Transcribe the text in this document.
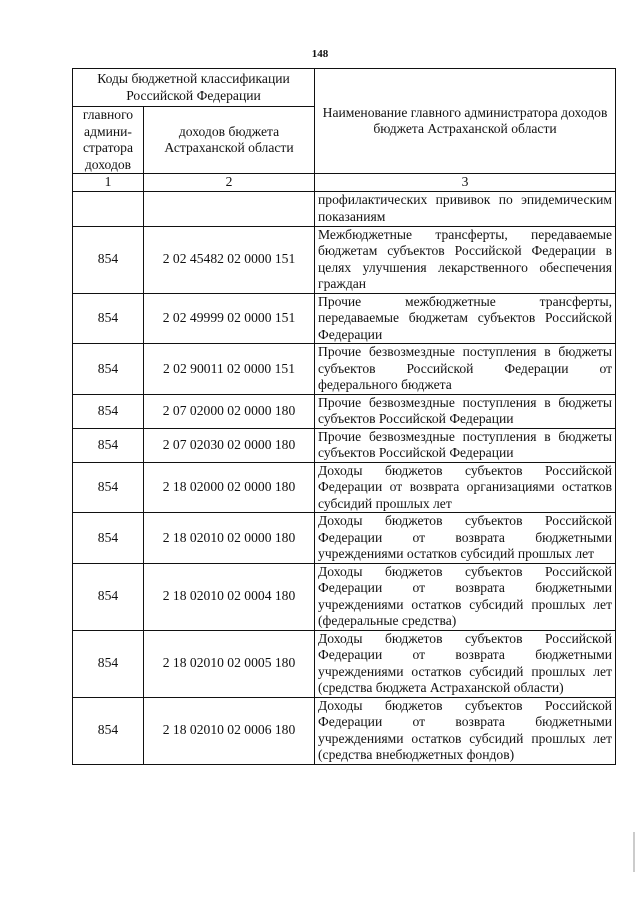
148
Коды бюджетной классификации Российской Федерации		Наименование главного администратора доходов бюджета Астраханской области
главного админи-стратора доходов	доходов бюджета Астраханской области	
1	2	3
		профилактических прививок по эпидемическим показаниям
854	2 02 45482 02 0000 151	Межбюджетные трансферты, передаваемые бюджетам субъектов Российской Федерации в целях улучшения лекарственного обеспечения граждан
854	2 02 49999 02 0000 151	Прочие межбюджетные трансферты, передаваемые бюджетам субъектов Российской Федерации
854	2 02 90011 02 0000 151	Прочие безвозмездные поступления в бюджеты субъектов Российской Федерации от федерального бюджета
854	2 07 02000 02 0000 180	Прочие безвозмездные поступления в бюджеты субъектов Российской Федерации
854	2 07 02030 02 0000 180	Прочие безвозмездные поступления в бюджеты субъектов Российской Федерации
854	2 18 02000 02 0000 180	Доходы бюджетов субъектов Российской Федерации от возврата организациями остатков субсидий прошлых лет
854	2 18 02010 02 0000 180	Доходы бюджетов субъектов Российской Федерации от возврата бюджетными учреждениями остатков субсидий прошлых лет
854	2 18 02010 02 0004 180	Доходы бюджетов субъектов Российской Федерации от возврата бюджетными учреждениями остатков субсидий прошлых лет (федеральные средства)
854	2 18 02010 02 0005 180	Доходы бюджетов субъектов Российской Федерации от возврата бюджетными учреждениями остатков субсидий прошлых лет (средства бюджета Астраханской области)
854	2 18 02010 02 0006 180	Доходы бюджетов субъектов Российской Федерации от возврата бюджетными учреждениями остатков субсидий прошлых лет (средства внебюджетных фондов)
